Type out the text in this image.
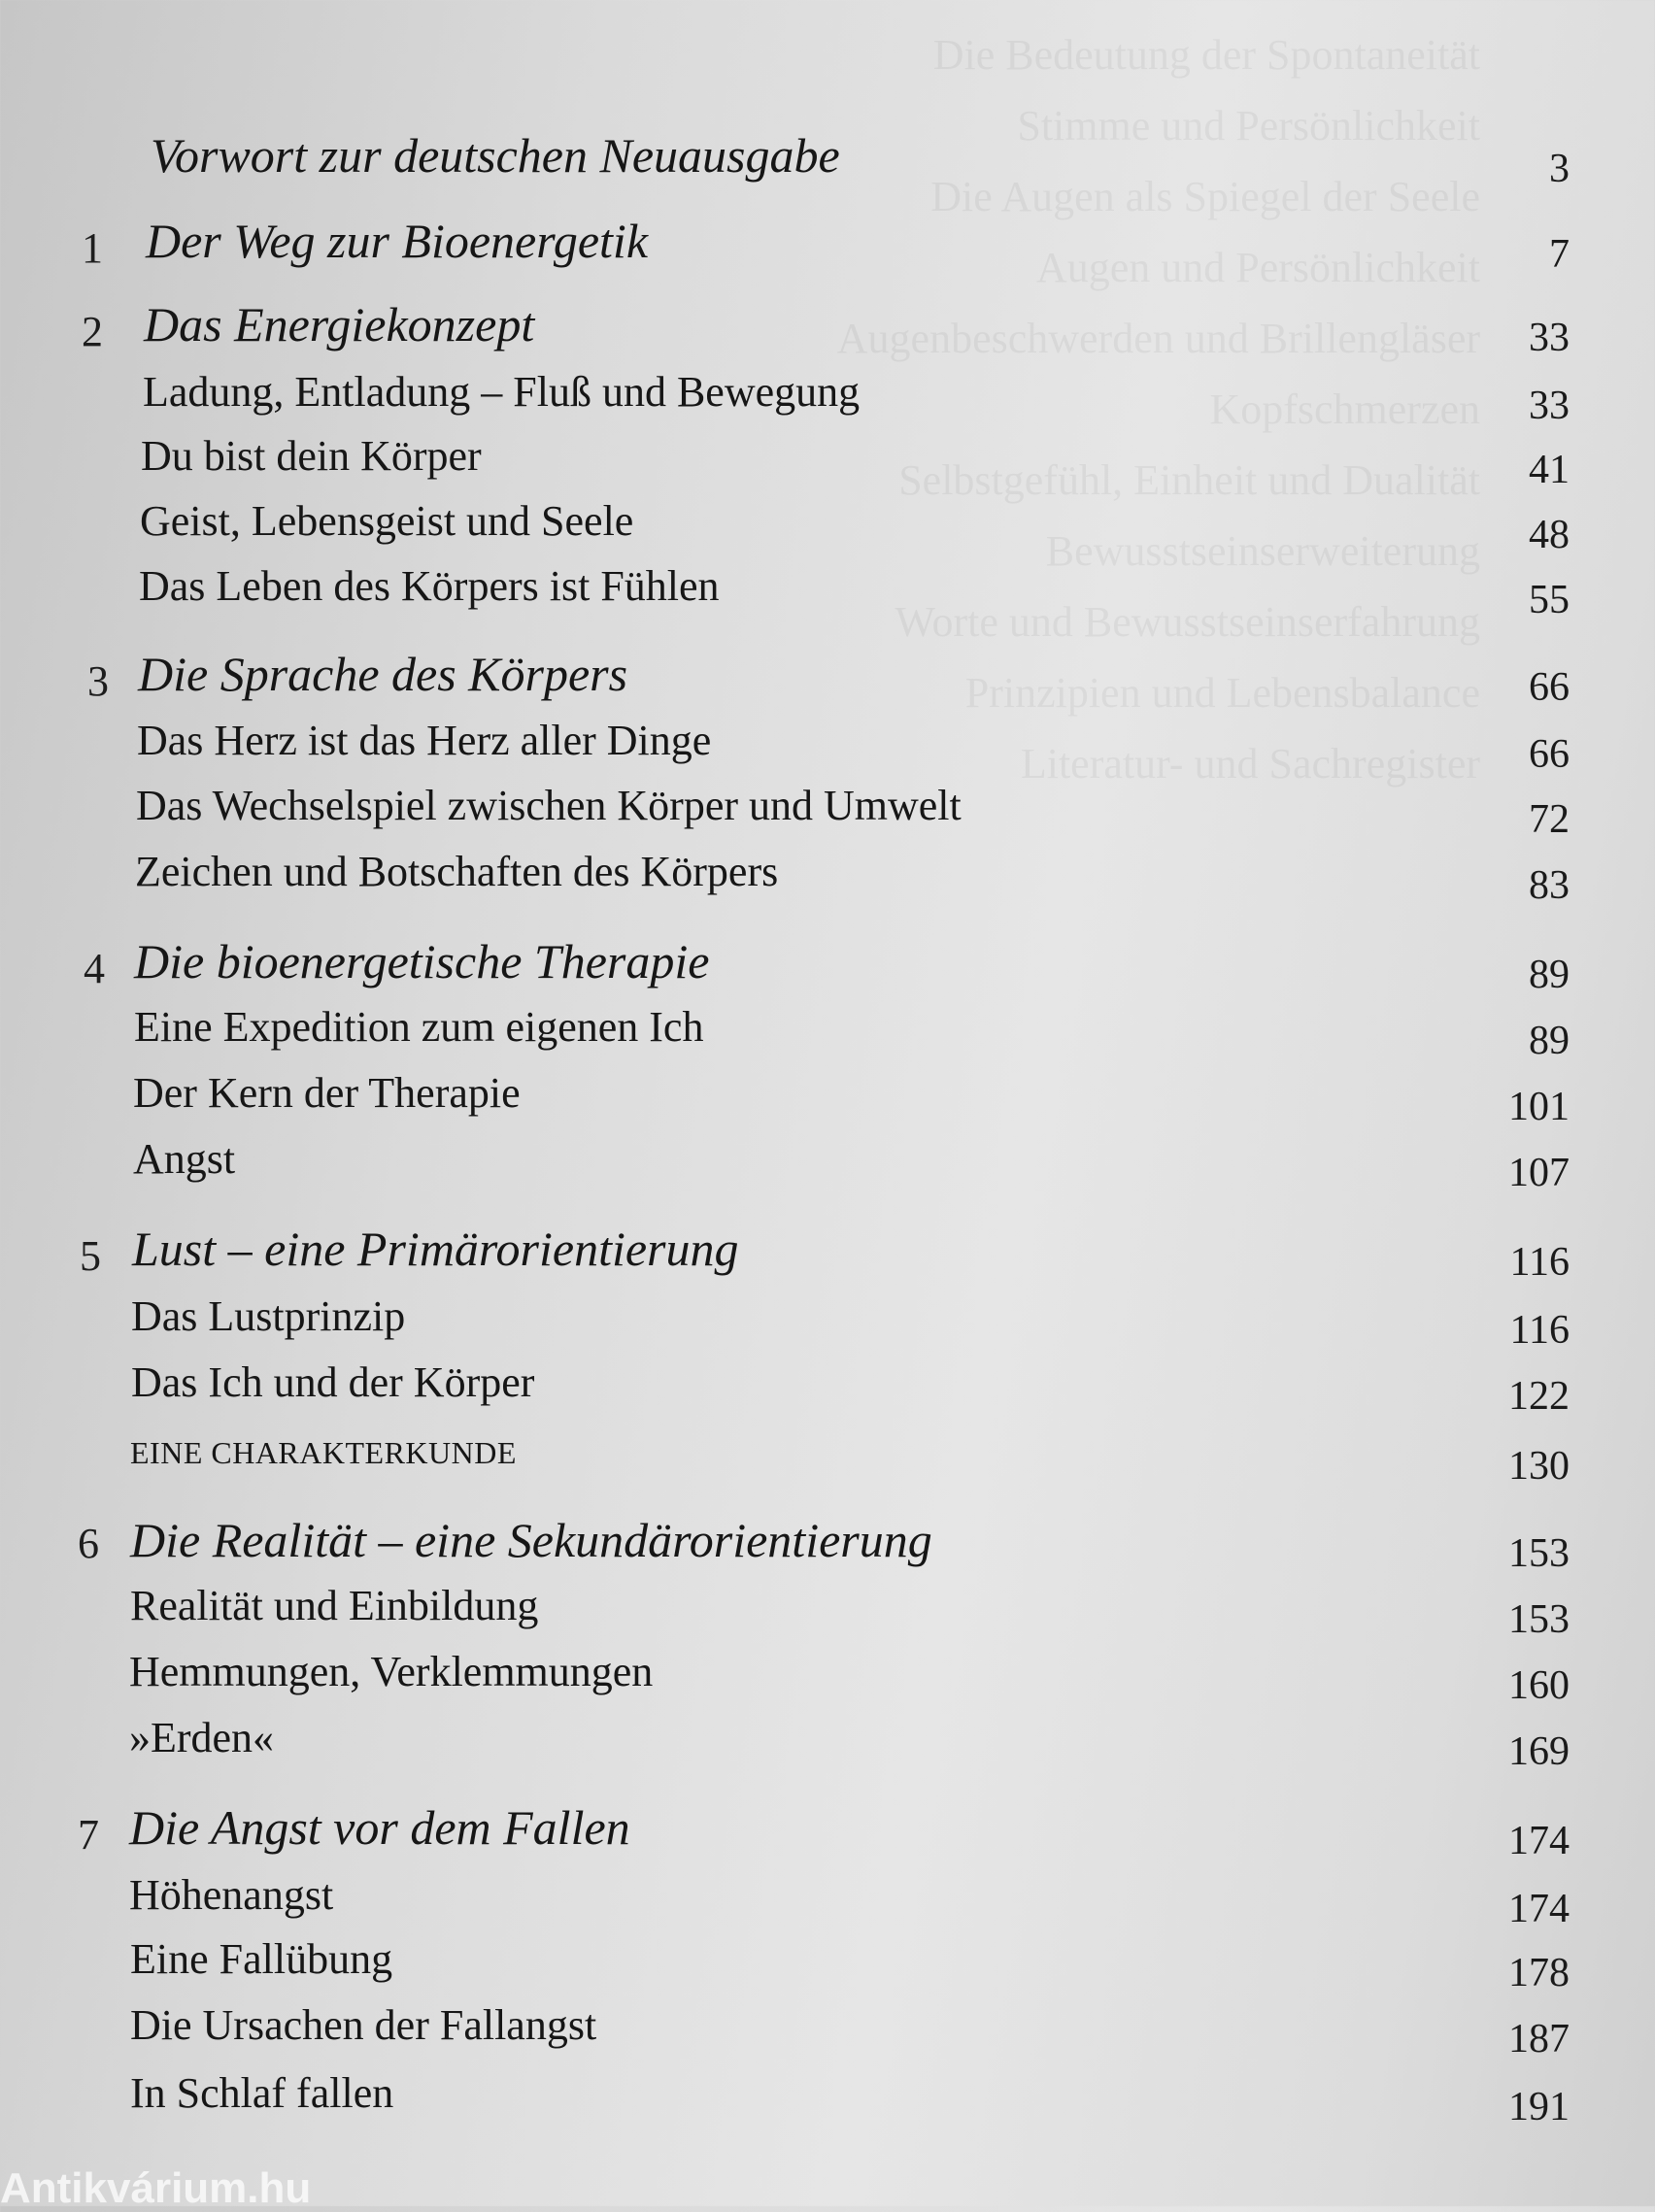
Die Bedeutung der Spontaneität
Stimme und Persönlichkeit
Die Augen als Spiegel der Seele
Augen und Persönlichkeit
Augenbeschwerden und Brillengläser
Kopfschmerzen
Selbstgefühl, Einheit und Dualität
Bewusstseinserweiterung
Worte und Bewusstseinserfahrung
Prinzipien und Lebensbalance
Literatur- und Sachregister
Vorwort zur deutschen Neuausgabe	3
1 Der Weg zur Bioenergetik	7
2 Das Energiekonzept	33
Ladung, Entladung – Fluß und Bewegung	33
Du bist dein Körper	41
Geist, Lebensgeist und Seele	48
Das Leben des Körpers ist Fühlen	55
3 Die Sprache des Körpers	66
Das Herz ist das Herz aller Dinge	66
Das Wechselspiel zwischen Körper und Umwelt	72
Zeichen und Botschaften des Körpers	83
4 Die bioenergetische Therapie	89
Eine Expedition zum eigenen Ich	89
Der Kern der Therapie	101
Angst	107
5 Lust – eine Primärorientierung	116
Das Lustprinzip	116
Das Ich und der Körper	122
EINE CHARAKTERKUNDE	130
6 Die Realität – eine Sekundärorientierung	153
Realität und Einbildung	153
Hemmungen, Verklemmungen	160
»Erden«	169
7 Die Angst vor dem Fallen	174
Höhenangst	174
Eine Fallübung	178
Die Ursachen der Fallangst	187
In Schlaf fallen	191
Antikvárium.hu
